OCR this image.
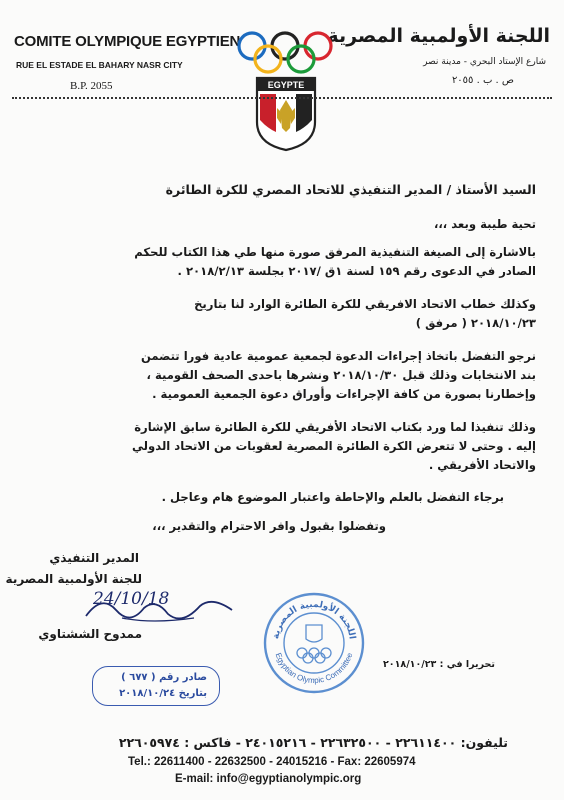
COMITE OLYMPIQUE EGYPTIEN
RUE EL ESTADE EL BAHARY NASR CITY
B.P. 2055
اللجنة الأولمبية المصرية
شارع الإستاد البحري - مدينة نصر
ص . ب . ٢٠٥٥
EGYPTE
السيد الأستاذ / المدير التنفيذي للاتحاد المصري للكرة الطائرة
تحية طيبة وبعد ،،،
بالاشارة إلى الصيغة التنفيذية المرفق صورة منها طي هذا الكتاب للحكم
الصادر في الدعوى رقم ١٥٩ لسنة ١ق /٢٠١٧ بجلسة ٢٠١٨/٢/١٣ .
وكذلك خطاب الاتحاد الافريقي للكرة الطائرة الوارد لنا بتاريخ
٢٠١٨/١٠/٢٣ ( مرفق )
نرجو التفضل باتخاذ إجراءات الدعوة لجمعية عمومية عادية فورا تتضمن
بند الانتخابات وذلك قبل ٢٠١٨/١٠/٣٠ ونشرها باحدى الصحف القومية ،
وإخطارنا بصورة من كافة الإجراءات وأوراق دعوة الجمعية العمومية .
وذلك تنفيذا لما ورد بكتاب الاتحاد الأفريقي للكرة الطائرة سابق الإشارة
إليه . وحتى لا تتعرض الكرة الطائرة المصرية لعقوبات من الاتحاد الدولي
والاتحاد الأفريقي .
برجاء التفضل بالعلم والإحاطة واعتبار الموضوع هام وعاجل .
وتفضلوا بقبول وافر الاحترام والتقدير ،،،
المدير التنفيذي
للجنة الأولمبية المصرية
24/10/18
ممدوح الششتاوي	اللجنة الأولمبية المصرية
Egyptian Olympic Committee
تحريرا في : ٢٠١٨/١٠/٢٣
صادر رقم ( ٦٧٧ )
بتاريخ ٢٠١٨/١٠/٢٤
تليفون: ٢٢٦١١٤٠٠ - ٢٢٦٣٢٥٠٠ - ٢٤٠١٥٢١٦ - فاكس : ٢٢٦٠٥٩٧٤
Tel.: 22611400 - 22632500 - 24015216 - Fax: 22605974
E-mail: info@egyptianolympic.org
